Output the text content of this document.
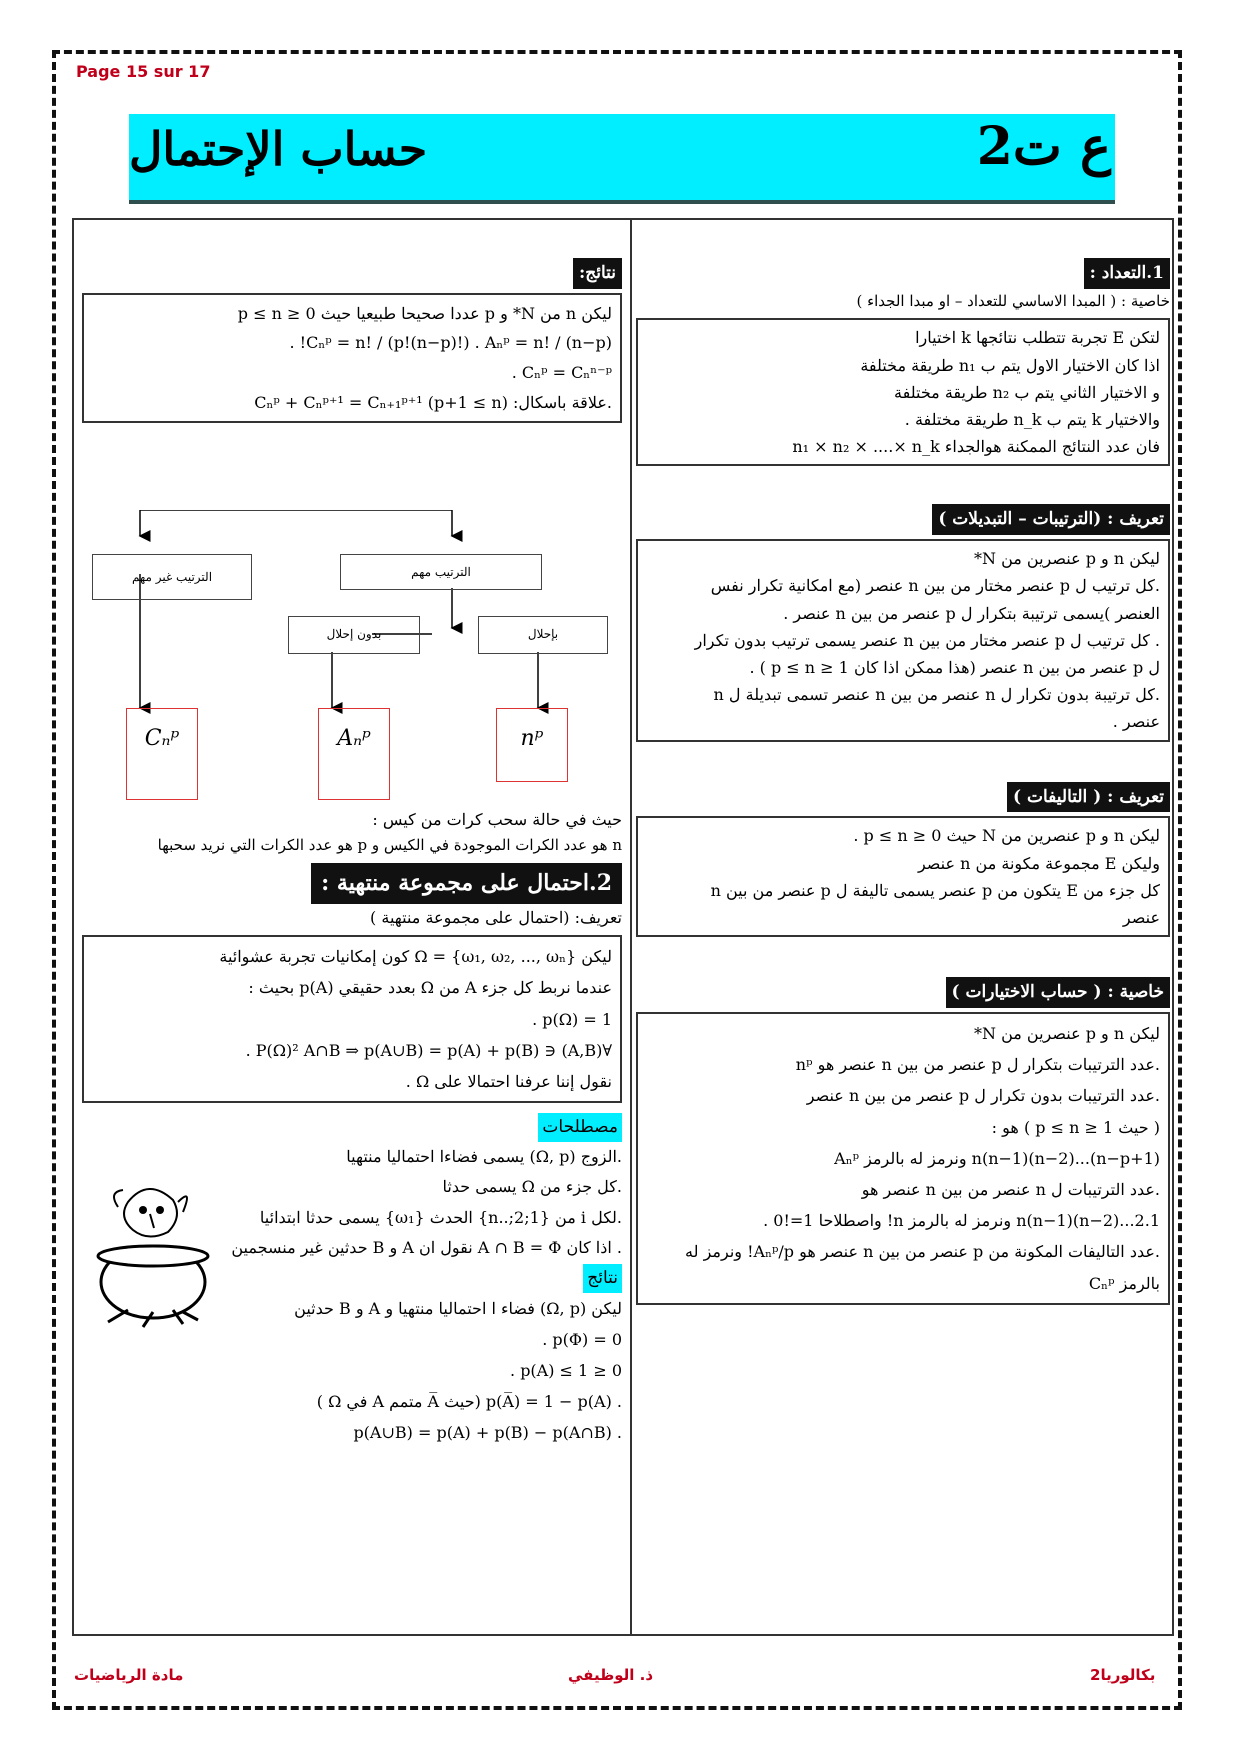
Page 15 sur 17
حساب الإحتمال	2ع ت
1.التعداد :
خاصية : ( المبدا الاساسي للتعداد – او مبدا الجداء )
لتكن E تجربة تتطلب نتائجها k اختيارا
اذا كان الاختيار الاول يتم ب n₁ طريقة مختلفة
و الاختيار الثاني يتم ب n₂ طريقة مختلفة
والاختيار k يتم ب n_k طريقة مختلفة .
فان عدد النتائج الممكنة هوالجداء n₁ × n₂ × ....× n_k
تعريف : (الترتيبات – التبديلات )
ليكن n و p عنصرين من N*
.كل ترتيب ل p عنصر مختار من بين n عنصر (مع امكانية تكرار نفس
العنصر )يسمى ترتيبة بتكرار ل p عنصر من بين n عنصر .
. كل ترتيب ل p عنصر مختار من بين n عنصر يسمى ترتيب بدون تكرار
ل p عنصر من بين n عنصر (هذا ممكن اذا كان 1 ≤ p ≤ n ) .
.كل ترتيبة بدون تكرار ل n عنصر من بين n عنصر تسمى تبديلة ل n
عنصر .
تعريف : ( التاليفات )
ليكن n و p عنصرين من N حيث 0 ≤ p ≤ n .
وليكن E مجموعة مكونة من n عنصر
كل جزء من E يتكون من p عنصر يسمى تاليفة ل p عنصر من بين n
عنصر
خاصية : ( حساب الاختيارات )
ليكن n و p عنصرين من N*
.عدد الترتيبات بتكرار ل p عنصر من بين n عنصر هو nᵖ
.عدد الترتيبات بدون تكرار ل p عنصر من بين n عنصر
( حيث 1 ≤ p ≤ n ) هو :
n(n−1)(n−2)...(n−p+1) ونرمز له بالرمز Aₙᵖ
.عدد الترتيبات ل n عنصر من بين n عنصر هو
n(n−1)(n−2)...2.1 ونرمز له بالرمز n! واصطلاحا 1=!0 .
.عدد التاليفات المكونة من p عنصر من بين n عنصر هو Aₙᵖ/p! ونرمز له
بالرمز Cₙᵖ
نتائج:
ليكن n من N* و p عددا صحيحا طبيعيا حيث 0 ≤ p ≤ n
Cₙᵖ = n! / (p!(n−p)!) . Aₙᵖ = n! / (n−p)! .
Cₙᵖ = Cₙⁿ⁻ᵖ .
.علاقة باسكال: Cₙᵖ + Cₙᵖ⁺¹ = Cₙ₊₁ᵖ⁺¹ (p+1 ≤ n)
الترتيب غير مهم	الترتيب مهم
بدون إحلال	بإحلال
Cₙᵖ	Aₙᵖ	nᵖ
حيث في حالة سحب كرات من كيس :
n هو عدد الكرات الموجودة في الكيس و p هو عدد الكرات التي نريد سحبها
2.احتمال على مجموعة منتهية :
تعريف: (احتمال على مجموعة منتهية )
ليكن Ω = {ω₁, ω₂, ..., ωₙ} كون إمكانيات تجربة عشوائية
عندما نربط كل جزء A من Ω بعدد حقيقي p(A) بحيث :
p(Ω) = 1 .
∀(A,B) ∈ P(Ω)² A∩B ⇒ p(A∪B) = p(A) + p(B) .
نقول إننا عرفنا احتمالا على Ω .
مصطلحات
.الزوج (Ω, p) يسمى فضاءا احتماليا منتهيا
.كل جزء من Ω يسمى حدثا
.لكل i من {1;2;..n} الحدث {ω₁} يسمى حدثا ابتدائيا
. اذا كان A ∩ B = Φ نقول ان A و B حدثين غير منسجمين
نتائج
ليكن (Ω, p) فضاء ا احتماليا منتهيا و A و B حدثين
p(Φ) = 0 .
0 ≤ p(A) ≤ 1 .
. p(A̅) = 1 − p(A) (حيث A̅ متمم A في Ω )
. p(A∪B) = p(A) + p(B) − p(A∩B)
مادة الرياضيات	ذ. الوظيفي	2بكالوريا
